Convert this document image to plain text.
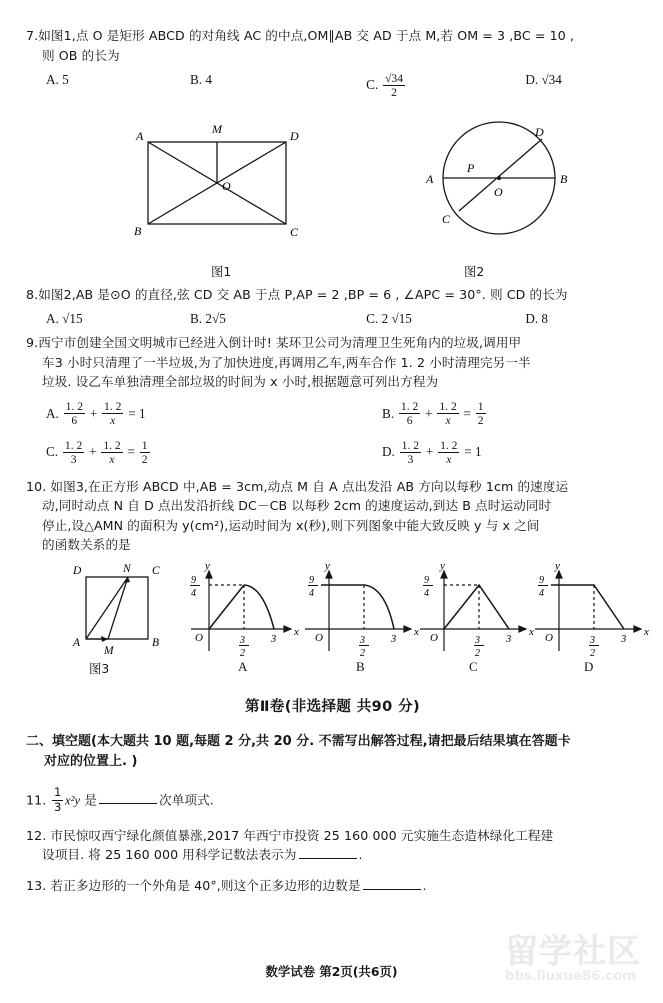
7.如图1,点 O 是矩形 ABCD 的对角线 AC 的中点,OM∥AB 交 AD 于点 M,若 OM = 3 ,BC = 10 ,
则 OB 的长为
A. 5	B. 4	C. $\frac{√34}{2}$	D. √34
A	M	D
O
B	C
D
A
P
B
C
O
图1	图2
8.如图2,AB 是⊙O 的直径,弦 CD 交 AB 于点 P,AP = 2 ,BP = 6 , ∠APC = 30°. 则 CD 的长为
A. √15	B. 2√5	C. 2 √15	D. 8
9.西宁市创建全国文明城市已经进入倒计时! 某环卫公司为清理卫生死角内的垃圾,调用甲
车3 小时只清理了一半垃圾,为了加快进度,再调用乙车,两车合作 1. 2 小时清理完另一半
垃圾. 设乙车单独清理全部垃圾的时间为 x 小时,根据题意可列出方程为
A. $\frac{1. 2}{6} + \frac{1. 2}{x} = 1$	B. $\frac{1. 2}{6} + \frac{1. 2}{x} = \frac{1}{2}$
C. $\frac{1. 2}{3} + \frac{1. 2}{x} = \frac{1}{2}$	D. $\frac{1. 2}{3} + \frac{1. 2}{x} = 1$
10. 如图3,在正方形 ABCD 中,AB = 3cm,动点 M 自 A 点出发沿 AB 方向以每秒 1cm 的速度运
动,同时动点 N 自 D 点出发沿折线 DC－CB 以每秒 2cm 的速度运动,到达 B 点时运动同时
停止,设△AMN 的面积为 y(cm²),运动时间为 x(秒),则下列图象中能大致反映 y 与 x 之间
的函数关系的是
D	N C
A
M
B
y
x
O
9
4
3
2
3
y
x
O
9
4
3
2
3
y
x
O
9
4
3
2
3
y
x
O
9
4
3
2
3
图3	A	B	C	D
第Ⅱ卷(非选择题 共90 分)
二、填空题(本大题共 10 题,每题 2 分,共 20 分. 不需写出解答过程,请把最后结果填在答题卡
对应的位置上. )
11. $\frac{1}{3} x^2y$ 是	次单项式.
12. 市民惊叹西宁绿化颜值暴涨,2017 年西宁市投资 25 160 000 元实施生态造林绿化工程建
设项目. 将 25 160 000 用科学记数法表示为	.
13. 若正多边形的一个外角是 40°,则这个正多边形的边数是	.
数学试卷 第2页(共6页)
留学社区
bbs.liuxue86.com
